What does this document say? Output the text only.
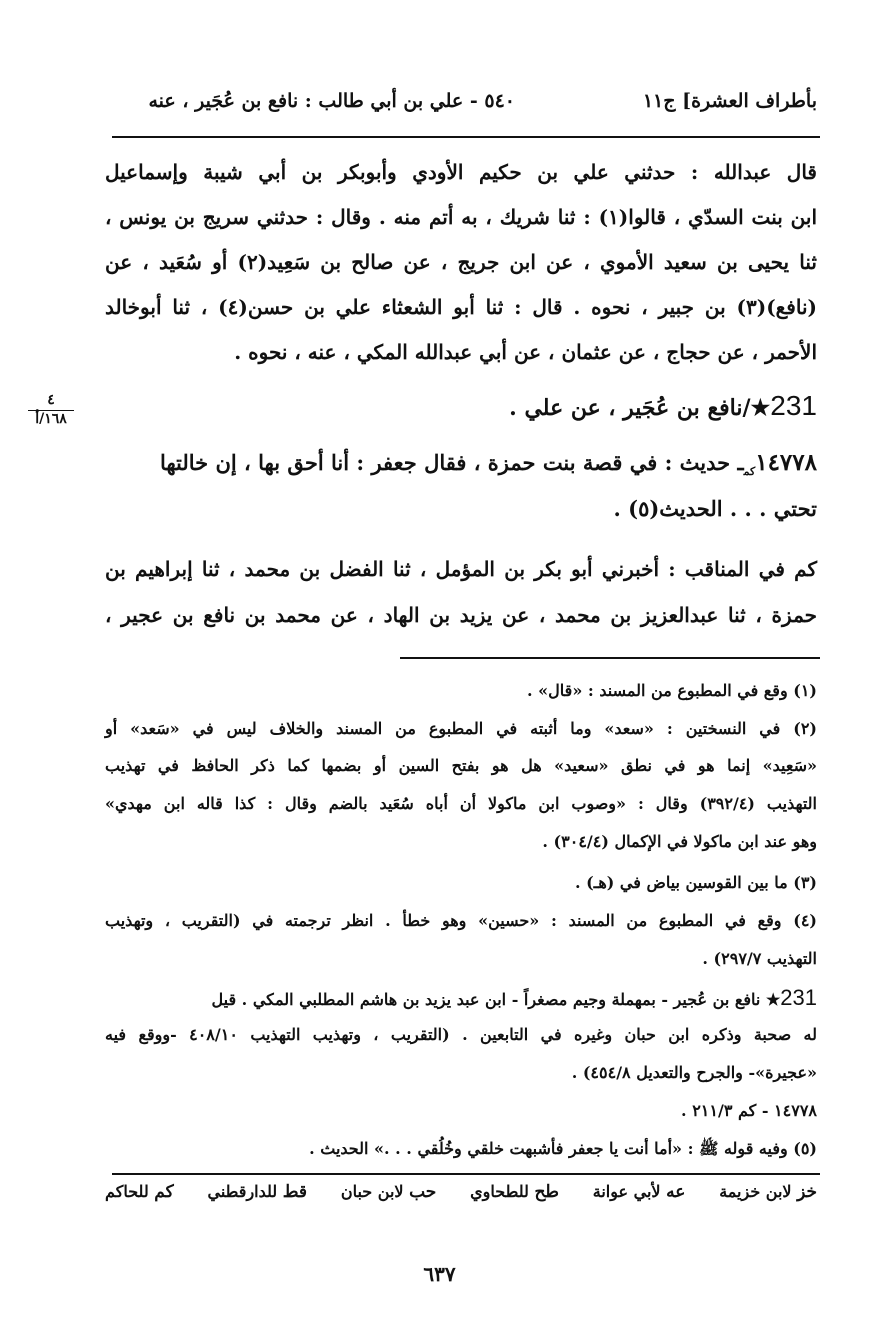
بأطراف العشرة] ج١١
٥٤٠ - علي بن أبي طالب : نافع بن عُجَير ، عنه
قال عبدالله : حدثني علي بن حكيم الأودي وأبوبكر بن أبي شيبة وإسماعيل
ابن بنت السدّي ، قالوا(١) : ثنا شريك ، به أتم منه . وقال : حدثني سريج بن يونس ،
ثنا يحيى بن سعيد الأموي ، عن ابن جريج ، عن صالح بن سَعِيد(٢) أو سُعَيد ، عن
(نافع)(٣) بن جبير ، نحوه . قال : ثنا أبو الشعثاء علي بن حسن(٤) ، ثنا أبوخالد
الأحمر ، عن حجاج ، عن عثمان ، عن أبي عبدالله المكي ، عنه ، نحوه .
٤
١٦٨/أ	231★/نافع بن عُجَير ، عن علي .
$١٤٧٧٨_{كم}ـ$ حديث : في قصة بنت حمزة ، فقال جعفر : أنا أحق بها ، إن خالتها
تحتي . . . الحديث(٥) .
كم في المناقب : أخبرني أبو بكر بن المؤمل ، ثنا الفضل بن محمد ، ثنا إبراهيم بن
حمزة ، ثنا عبدالعزيز بن محمد ، عن يزيد بن الهاد ، عن محمد بن نافع بن عجير ،
(١) وقع في المطبوع من المسند : «قال» .
(٢) في النسختين : «سعد» وما أثبته في المطبوع من المسند والخلاف ليس في «سَعد» أو
«سَعِيد» إنما هو في نطق «سعيد» هل هو بفتح السين أو بضمها كما ذكر الحافظ في تهذيب
التهذيب (٣٩٢/٤) وقال : «وصوب ابن ماكولا أن أباه سُعَيد بالضم وقال : كذا قاله ابن مهدي»
وهو عند ابن ماكولا في الإكمال (٣٠٤/٤) .
(٣) ما بين القوسين بياض في (هـ) .
(٤) وقع في المطبوع من المسند : «حسين» وهو خطأ . انظر ترجمته في (التقريب ، وتهذيب
التهذيب ٢٩٧/٧) .
231★ نافع بن عُجير - بمهملة وجيم مصغراً - ابن عبد يزيد بن هاشم المطلبي المكي . قيل
له صحبة وذكره ابن حبان وغيره في التابعين . (التقريب ، وتهذيب التهذيب ٤٠٨/١٠ -ووقع فيه
«عجيرة»- والجرح والتعديل ٤٥٤/٨) .
١٤٧٧٨ - كم ٢١١/٣ .
(٥) وفيه قوله ﷺ : «أما أنت يا جعفر فأشبهت خلقي وخُلُقي . . .» الحديث .
خز لابن خزيمة
عه لأبي عوانة
طح للطحاوي
حب لابن حبان
قط للدارقطني
كم للحاكم
٦٣٧
